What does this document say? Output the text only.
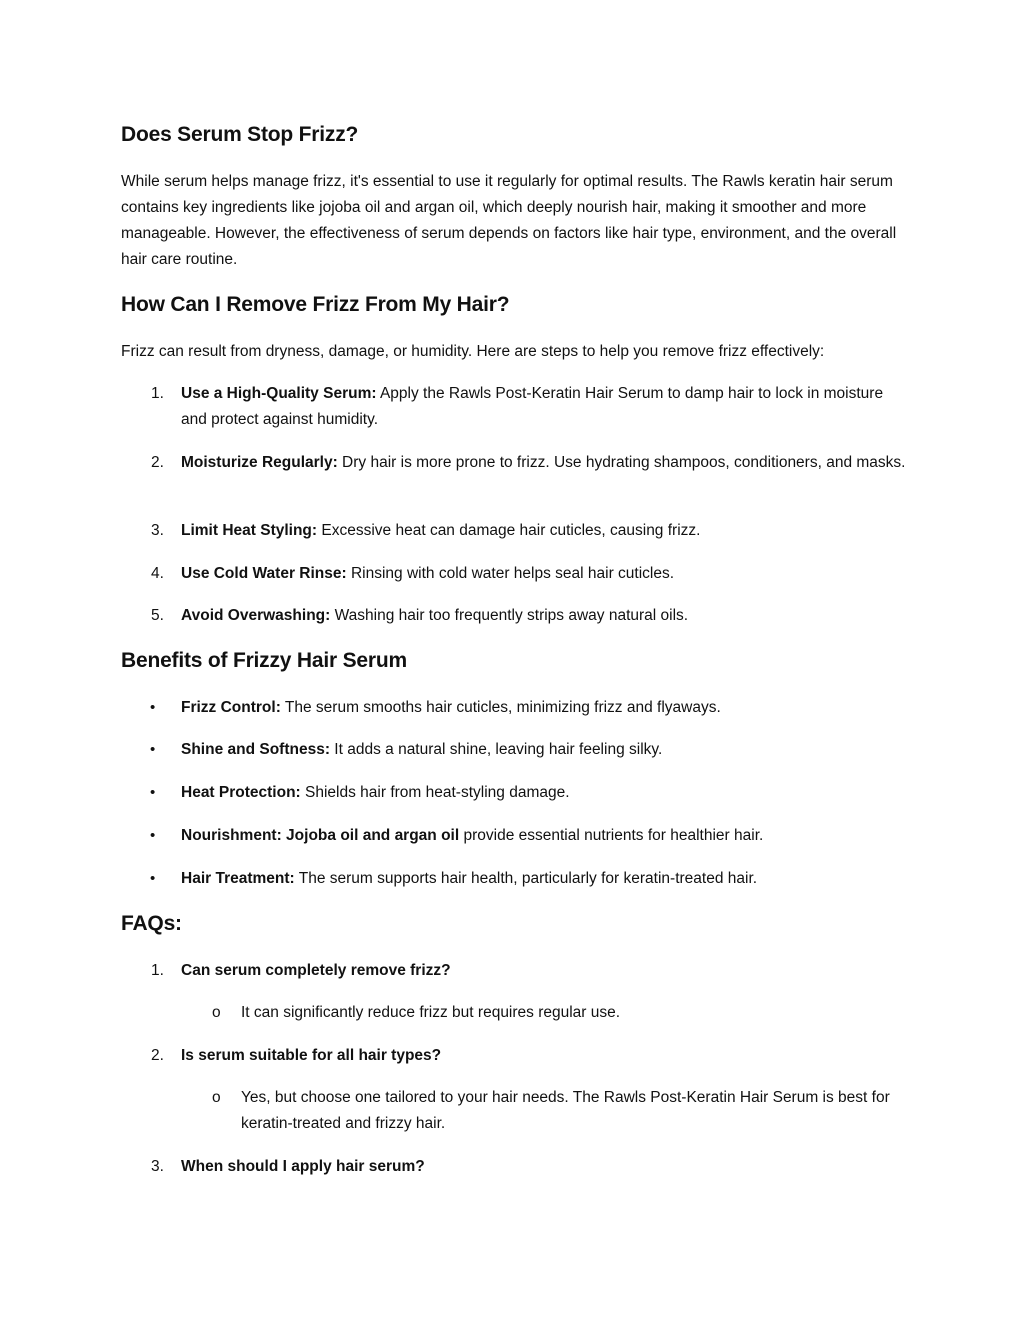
Does Serum Stop Frizz?

While serum helps manage frizz, it's essential to use it regularly for optimal results. The Rawls keratin hair serum contains key ingredients like jojoba oil and argan oil, which deeply nourish hair, making it smoother and more manageable. However, the effectiveness of serum depends on factors like hair type, environment, and the overall hair care routine.

How Can I Remove Frizz From My Hair?

Frizz can result from dryness, damage, or humidity. Here are steps to help you remove frizz effectively:

1. Use a High-Quality Serum: Apply the Rawls Post-Keratin Hair Serum to damp hair to lock in moisture and protect against humidity.
2. Moisturize Regularly: Dry hair is more prone to frizz. Use hydrating shampoos, conditioners, and masks.
3. Limit Heat Styling: Excessive heat can damage hair cuticles, causing frizz.
4. Use Cold Water Rinse: Rinsing with cold water helps seal hair cuticles.
5. Avoid Overwashing: Washing hair too frequently strips away natural oils.
Benefits of Frizzy Hair Serum
• Frizz Control: The serum smooths hair cuticles, minimizing frizz and flyaways.
• Shine and Softness: It adds a natural shine, leaving hair feeling silky.
• Heat Protection: Shields hair from heat-styling damage.
• Nourishment: Jojoba oil and argan oil provide essential nutrients for healthier hair.
• Hair Treatment: The serum supports hair health, particularly for keratin-treated hair.
FAQs:
1. Can serum completely remove frizz?
o It can significantly reduce frizz but requires regular use.
2. Is serum suitable for all hair types?
o Yes, but choose one tailored to your hair needs. The Rawls Post-Keratin Hair Serum is best for keratin-treated and frizzy hair.
3. When should I apply hair serum?
